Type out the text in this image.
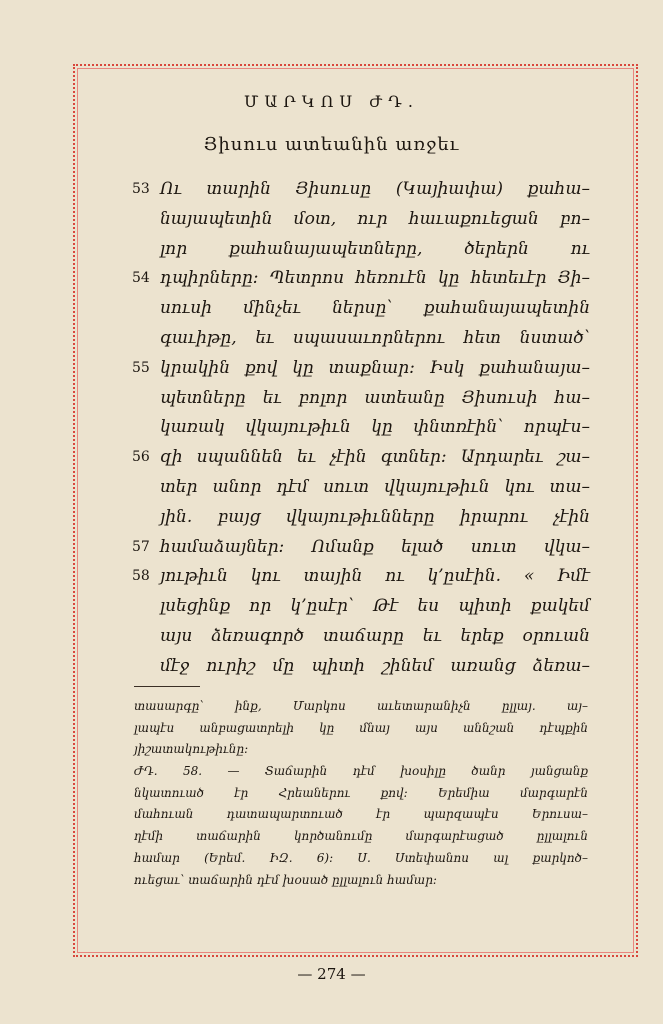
ՄԱՐԿՈՍ ԺԴ.
Յիսուս ատեանին առջեւ
53 Ու տարին Յիսուսը (Կայիափա) քահա–
նայապետին մօտ, ուր հաւաքուեցան բո–
լոր քահանայապետները, ծերերն ու
54 դպիրները։ Պետրոս հեռուէն կը հետեւէր Յի–
սուսի մինչեւ ներսը՝ քահանայապետին
գաւիթը, եւ սպասաւորներու հետ նստած՝
55 կրակին քով կը տաքնար։ Իսկ քահանայա–
պետները եւ բոլոր ատեանը Յիսուսի հա–
կառակ վկայութիւն կը փնտռէին՝ որպէս–
56 զի սպաննեն եւ չէին գտներ։ Արդարեւ շա–
տեր անոր դէմ սուտ վկայութիւն կու տա–
յին. բայց վկայութիւնները իրարու չէին
57 համաձայներ։ Ոմանք ելած սուտ վկա–
58 յութիւն կու տային ու կ’ըսէին. « Իմէ
լսեցինք որ կ’ըսէր՝ Թէ ես պիտի քակեմ
այս ձեռագործ տաճարը եւ երեք օրուան
մէջ ուրիշ մը պիտի շինեմ առանց ձեռա–
տասարգը՝ ինք, Մարկոս աւետարանիչն ըլլայ. այ–
լապէս անբացատրելի կը մնայ այս աննշան դէպքին
յիշատակութիւնը։
ԺԴ. 58. — Տաճարին դէմ խօսիլը ծանր յանցանք
նկատուած էր Հրեաներու քով։ Երեմիա մարգարէն
մահուան դատապարտուած էր պարզապէս Երուսա–
ղէմի տաճարին կործանումը մարգարէացած ըլլալուն
համար (Երեմ. ԻԶ. 6)։ Ս. Ստեփանոս ալ քարկոծ–
ուեցաւ՝ տաճարին դէմ խօսած ըլլալուն համար։
— 274 —
